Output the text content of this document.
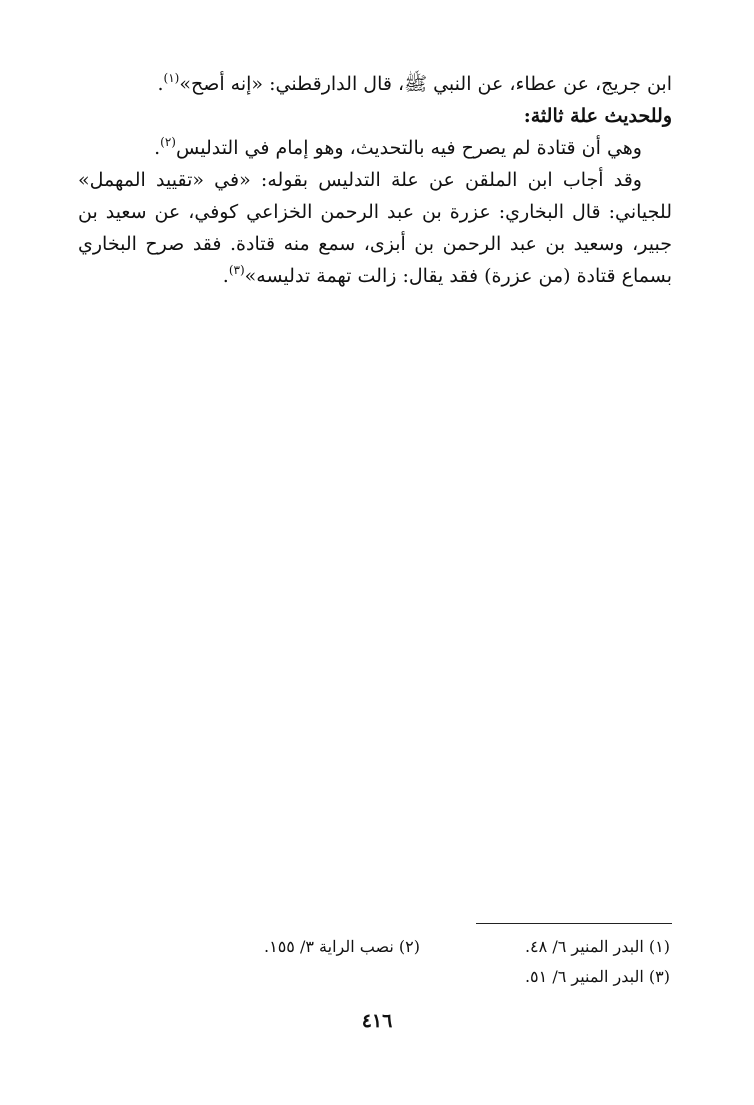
ابن جريج، عن عطاء، عن النبي ﷺ، قال الدارقطني: «إنه أصح»$^{(١)}$.
وللحديث علة ثالثة:
وهي أن قتادة لم يصرح فيه بالتحديث، وهو إمام في التدليس$^{(٢)}$.
وقد أجاب ابن الملقن عن علة التدليس بقوله: «في «تقييد المهمل»
للجياني: قال البخاري: عزرة بن عبد الرحمن الخزاعي كوفي، عن سعيد بن
جبير، وسعيد بن عبد الرحمن بن أبزى، سمع منه قتادة. فقد صرح البخاري
بسماع قتادة (من عزرة) فقد يقال: زالت تهمة تدليسه»$^{(٣)}$.
(١) البدر المنير ٦/ ٤٨.
(٢) نصب الراية ٣/ ١٥٥.
(٣) البدر المنير ٦/ ٥١.
٤١٦
